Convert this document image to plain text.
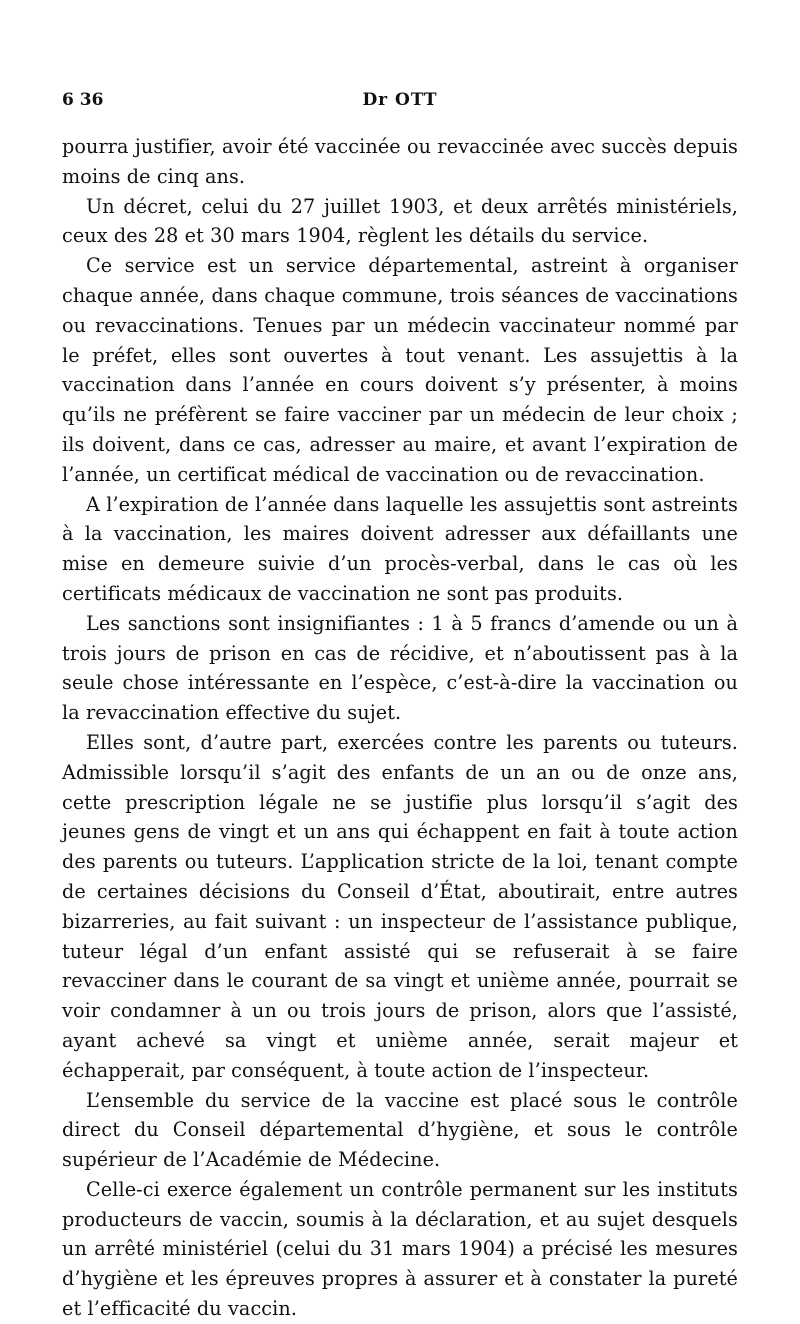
6 36	Dr OTT

pourra justifier, avoir été vaccinée ou revaccinée avec succès depuis moins de cinq ans.

Un décret, celui du 27 juillet 1903, et deux arrêtés ministériels, ceux des 28 et 30 mars 1904, règlent les détails du service.

Ce service est un service départemental, astreint à organiser chaque année, dans chaque commune, trois séances de vaccinations ou revaccinations. Tenues par un médecin vaccinateur nommé par le préfet, elles sont ouvertes à tout venant. Les assujettis à la vaccination dans l’année en cours doivent s’y présenter, à moins qu’ils ne préfèrent se faire vacciner par un médecin de leur choix ; ils doivent, dans ce cas, adresser au maire, et avant l’expiration de l’année, un certificat médical de vaccination ou de revaccination.

A l’expiration de l’année dans laquelle les assujettis sont astreints à la vaccination, les maires doivent adresser aux défaillants une mise en demeure suivie d’un procès-verbal, dans le cas où les certificats médicaux de vaccination ne sont pas produits.

Les sanctions sont insignifiantes : 1 à 5 francs d’amende ou un à trois jours de prison en cas de récidive, et n’aboutissent pas à la seule chose intéressante en l’espèce, c’est-à-dire la vaccination ou la revaccination effective du sujet.

Elles sont, d’autre part, exercées contre les parents ou tuteurs. Admissible lorsqu’il s’agit des enfants de un an ou de onze ans, cette prescription légale ne se justifie plus lorsqu’il s’agit des jeunes gens de vingt et un ans qui échappent en fait à toute action des parents ou tuteurs. L’application stricte de la loi, tenant compte de certaines décisions du Conseil d’État, aboutirait, entre autres bizarreries, au fait suivant : un inspecteur de l’assistance publique, tuteur légal d’un enfant assisté qui se refuserait à se faire revacciner dans le courant de sa vingt et unième année, pourrait se voir condamner à un ou trois jours de prison, alors que l’assisté, ayant achevé sa vingt et unième année, serait majeur et échapperait, par conséquent, à toute action de l’inspecteur.

L’ensemble du service de la vaccine est placé sous le contrôle direct du Conseil départemental d’hygiène, et sous le contrôle supérieur de l’Académie de Médecine.

Celle-ci exerce également un contrôle permanent sur les instituts producteurs de vaccin, soumis à la déclaration, et au sujet desquels un arrêté ministériel (celui du 31 mars 1904) a précisé les mesures d’hygiène et les épreuves propres à assurer et à constater la pureté et l’efficacité du vaccin.
